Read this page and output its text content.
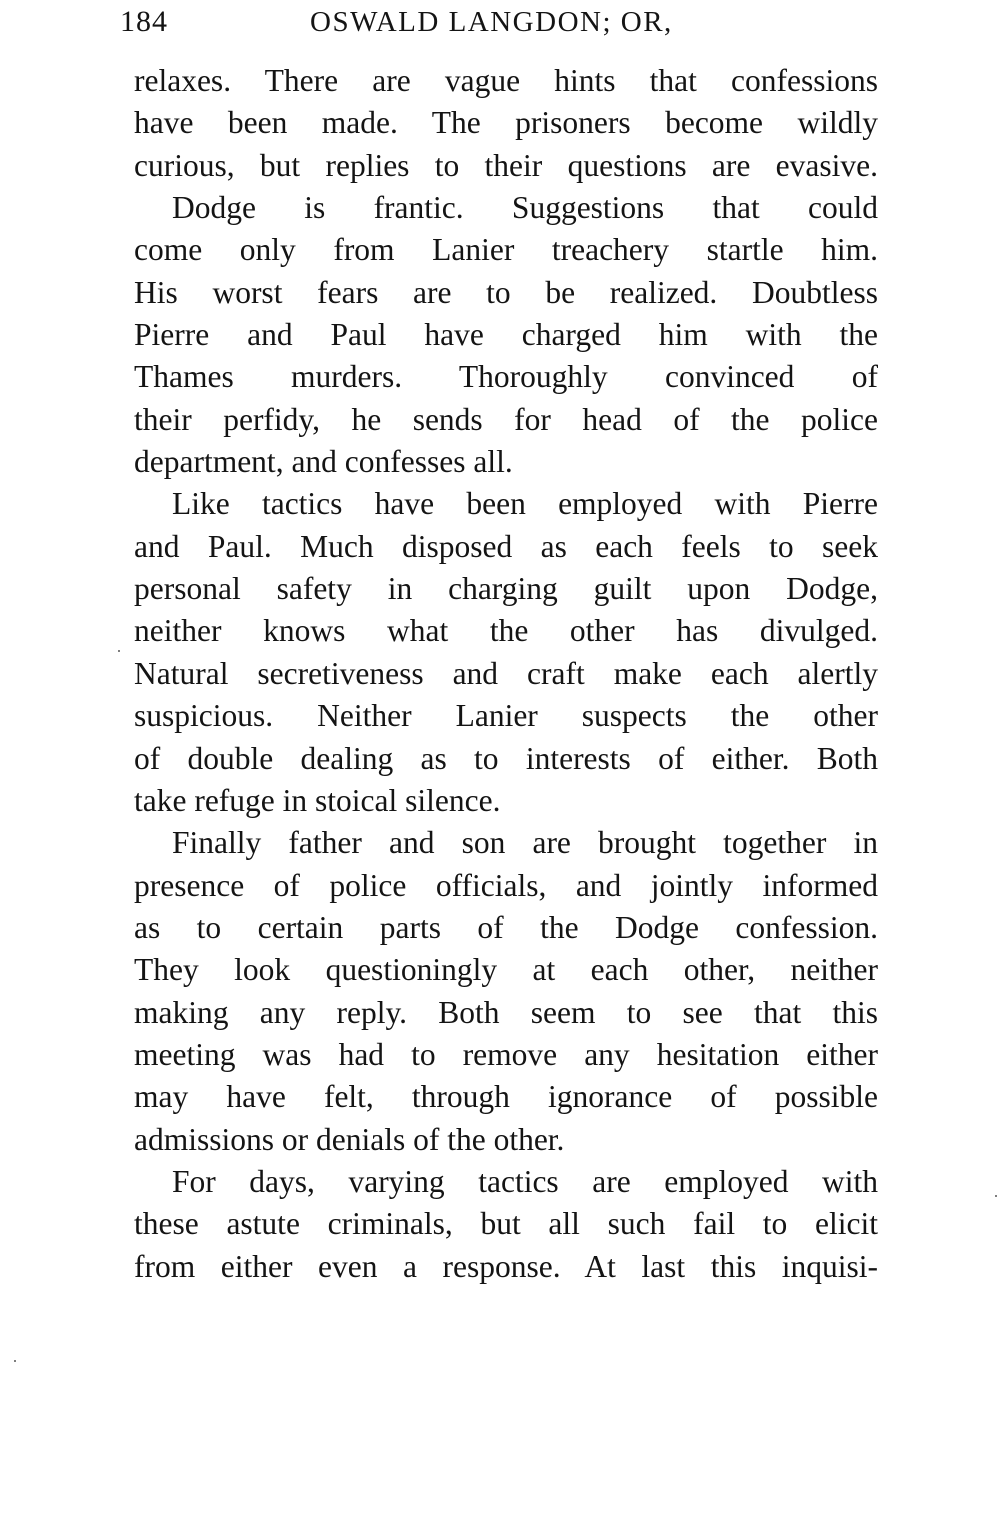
184	OSWALD LANGDON; OR,
relaxes. There are vague hints that confessions
have been made. The prisoners become wildly
curious, but replies to their questions are evasive.
Dodge is frantic. Suggestions that could
come only from Lanier treachery startle him.
His worst fears are to be realized. Doubtless
Pierre and Paul have charged him with the
Thames murders. Thoroughly convinced of
their perfidy, he sends for head of the police
department, and confesses all.
Like tactics have been employed with Pierre
and Paul. Much disposed as each feels to seek
personal safety in charging guilt upon Dodge,
neither knows what the other has divulged.
Natural secretiveness and craft make each alertly
suspicious. Neither Lanier suspects the other
of double dealing as to interests of either. Both
take refuge in stoical silence.
Finally father and son are brought together in
presence of police officials, and jointly informed
as to certain parts of the Dodge confession.
They look questioningly at each other, neither
making any reply. Both seem to see that this
meeting was had to remove any hesitation either
may have felt, through ignorance of possible
admissions or denials of the other.
For days, varying tactics are employed with
these astute criminals, but all such fail to elicit
from either even a response. At last this inquisi-
